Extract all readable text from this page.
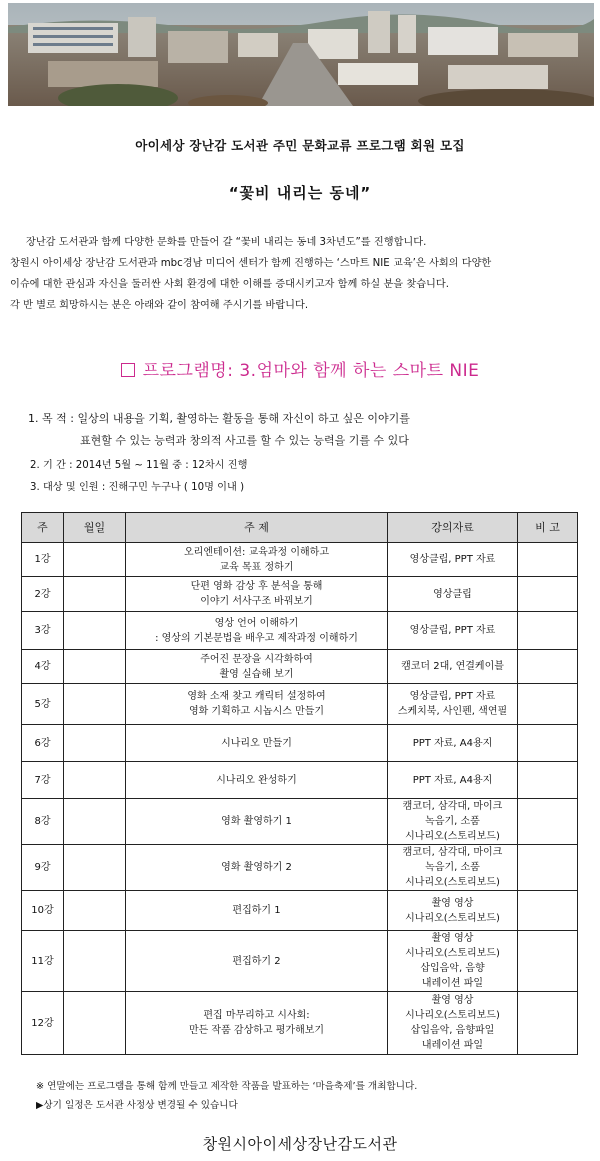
아이세상 장난감 도서관 주민 문화교류 프로그램 회원 모집
“꽃비 내리는 동네”

장난감 도서관과 함께 다양한 문화를 만들어 갈 “꽃비 내리는 동네 3차년도”를 진행합니다.

창원시 아이세상 장난감 도서관과 mbc경남 미디어 센터가 함께 진행하는 ‘스마트 NIE 교육’은 사회의 다양한

이슈에 대한 관심과 자신을 둘러싼 사회 환경에 대한 이해를 증대시키고자 함께 하실 분을 찾습니다.

각 반 별로 희망하시는 분은 아래와 같이 참여해 주시기를 바랍니다.

프로그램명: 3.엄마와 함께 하는 스마트 NIE

1. 목 적 : 일상의 내용을 기획, 촬영하는 활동을 통해 자신이 하고 싶은 이야기를

표현할 수 있는 능력과 창의적 사고를 할 수 있는 능력을 기를 수 있다

2. 기 간 : 2014년 5월 ~ 11월 중 : 12차시 진행

3. 대상 및 인원 : 진해구민 누구나 ( 10명 이내 )

주	월일	주 제	강의자료	비 고
1강		오리엔테이션: 교육과정 이해하고
교육 목표 정하기	영상클립, PPT 자료	

2강		단편 영화 감상 후 분석을 통해
이야기 서사구조 바꿔보기	영상클립	

3강		영상 언어 이해하기
: 영상의 기본문법을 배우고 제작과정 이해하기	영상클립, PPT 자료	

4강		주어진 문장을 시각화하여
촬영 실습해 보기	캠코더 2대, 연결케이블	

5강		영화 소재 찾고 캐릭터 설정하여
영화 기획하고 시놉시스 만들기	영상클립, PPT 자료
스케치북, 사인펜, 색연필	

6강		시나리오 만들기	PPT 자료, A4용지	

7강		시나리오 완성하기	PPT 자료, A4용지	

8강		영화 촬영하기 1	캠코더, 삼각대, 마이크
녹음기, 소품
시나리오(스토리보드)	

9강		영화 촬영하기 2	캠코더, 삼각대, 마이크
녹음기, 소품
시나리오(스토리보드)	

10강		편집하기 1	촬영 영상
시나리오(스토리보드)	

11강		편집하기 2	촬영 영상
시나리오(스토리보드)
삽입음악, 음향
내레이션 파일	

12강		편집 마무리하고 시사회:
만든 작품 감상하고 평가해보기	촬영 영상
시나리오(스토리보드)
삽입음악, 음향파일
내레이션 파일	

※ 연말에는 프로그램을 통해 함께 만들고 제작한 작품을 발표하는 ‘마을축제’를 개최합니다.

▶상기 일정은 도서관 사정상 변경될 수 있습니다

창원시아이세상장난감도서관
